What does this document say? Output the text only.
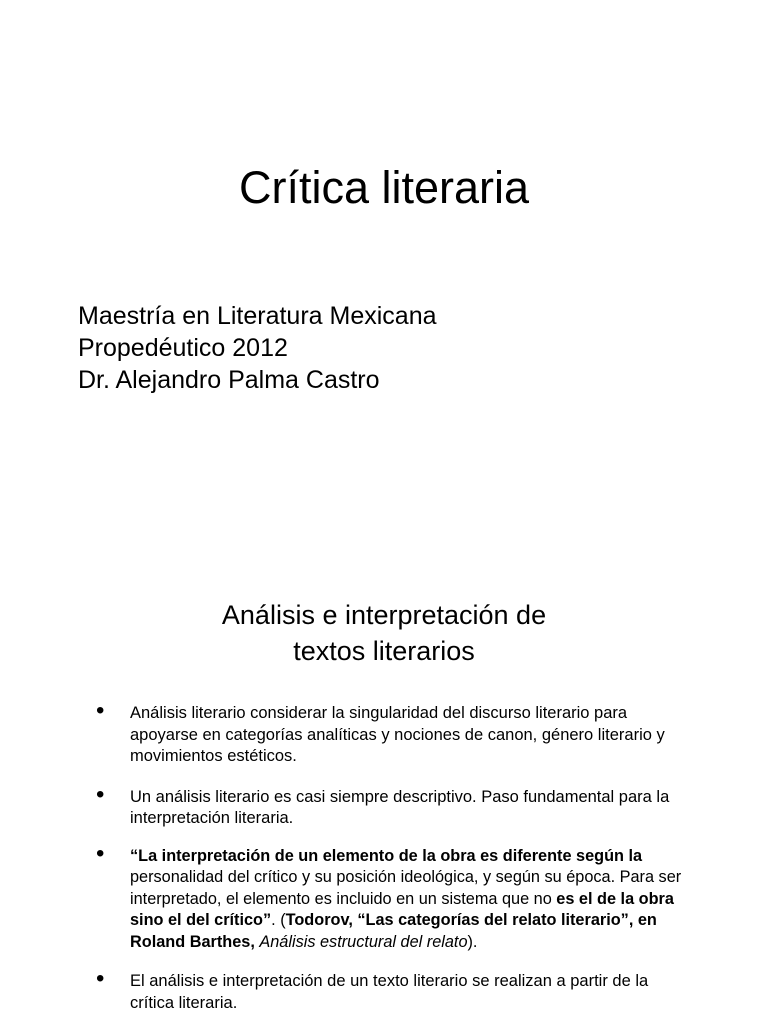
Crítica literaria
Maestría en Literatura Mexicana
Propedéutico 2012
Dr. Alejandro Palma Castro
Análisis e interpretación de
textos literarios
• Análisis literario considerar la singularidad del discurso literario para apoyarse en categorías analíticas y nociones de canon, género literario y movimientos estéticos.
• Un análisis literario es casi siempre descriptivo. Paso fundamental para la interpretación literaria.
• “La interpretación de un elemento de la obra es diferente según la personalidad del crítico y su posición ideológica, y según su época. Para ser interpretado, el elemento es incluido en un sistema que no es el de la obra sino el del crítico”. (Todorov, “Las categorías del relato literario”, en Roland Barthes, Análisis estructural del relato).
• El análisis e interpretación de un texto literario se realizan a partir de la crítica literaria.
